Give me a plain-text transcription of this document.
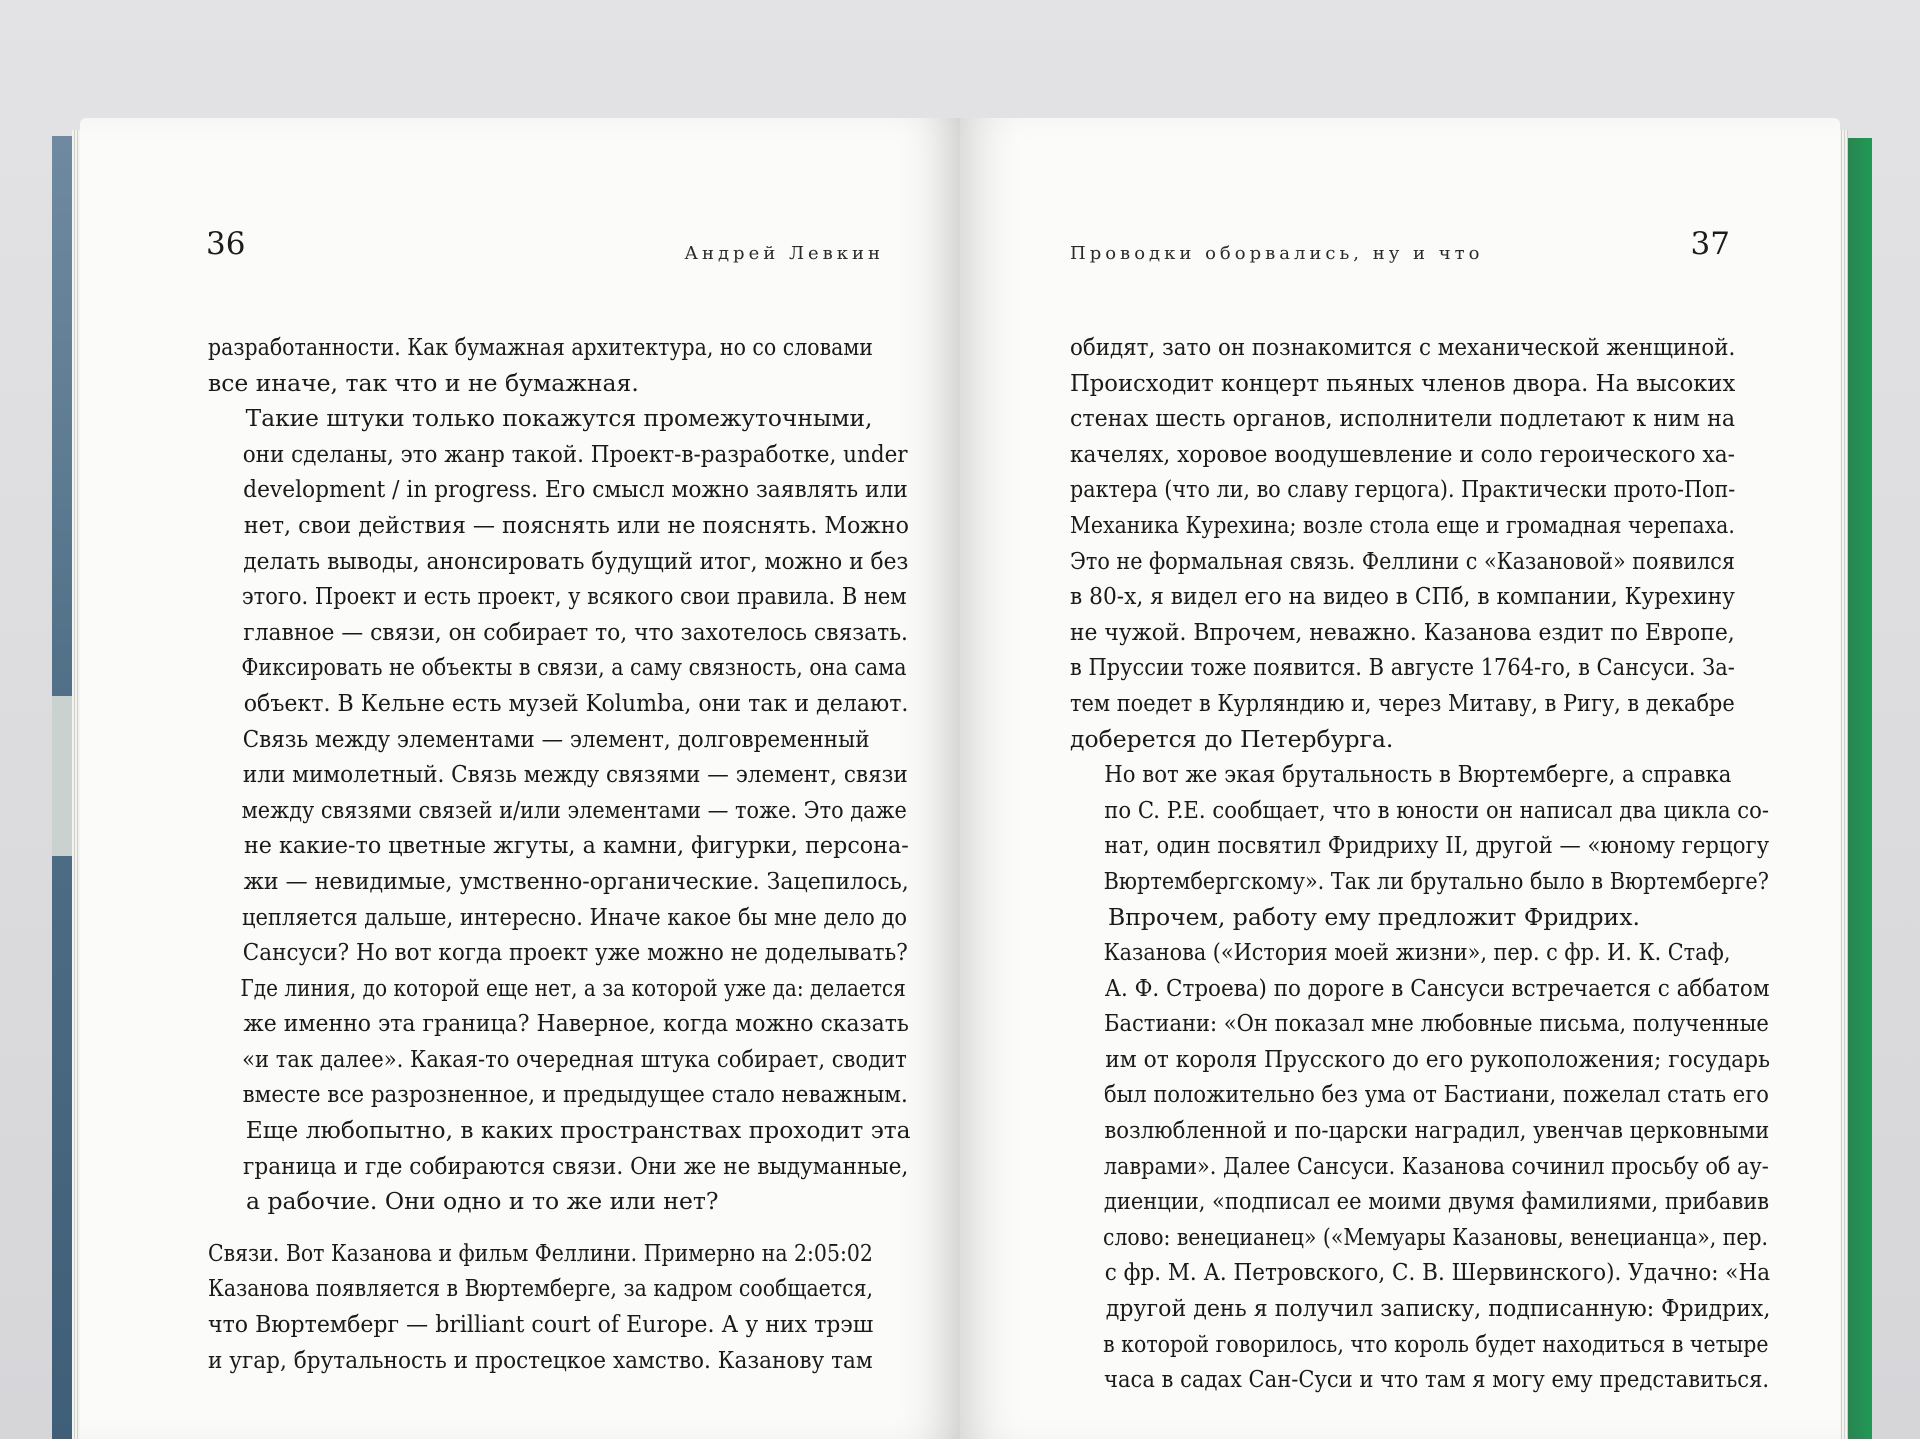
36	Андрей Левкин

разработанности. Как бумажная архитектура, но со словами
все иначе, так что и не бумажная.

Такие штуки только покажутся промежуточными,
они сделаны, это жанр такой. Проект-в-разработке, under
development / in progress. Его смысл можно заявлять или
нет, свои действия — пояснять или не пояснять. Можно
делать выводы, анонсировать будущий итог, можно и без
этого. Проект и есть проект, у всякого свои правила. В нем
главное — связи, он собирает то, что захотелось связать.
Фиксировать не объекты в связи, а саму связность, она сама
объект. В Кельне есть музей Kolumba, они так и делают.

Связь между элементами — элемент, долговременный
или мимолетный. Связь между связями — элемент, связи
между связями связей и/или элементами — тоже. Это даже
не какие-то цветные жгуты, а камни, фигурки, персона-
жи — невидимые, умственно-органические. Зацепилось,
цепляется дальше, интересно. Иначе какое бы мне дело до
Сансуси? Но вот когда проект уже можно не доделывать?
Где линия, до которой еще нет, а за которой уже да: делается
же именно эта граница? Наверное, когда можно сказать
«и так далее». Какая-то очередная штука собирает, сводит
вместе все разрозненное, и предыдущее стало неважным.
Еще любопытно, в каких пространствах проходит эта
граница и где собираются связи. Они же не выдуманные,
а рабочие. Они одно и то же или нет?

Связи. Вот Казанова и фильм Феллини. Примерно на 2:05:02
Казанова появляется в Вюртемберге, за кадром сообщается,
что Вюртемберг — brilliant court of Europe. А у них трэш
и угар, брутальность и простецкое хамство. Казанову там

37
Проводки оборвались, ну и что

обидят, зато он познакомится с механической женщиной.
Происходит концерт пьяных членов двора. На высоких
стенах шесть органов, исполнители подлетают к ним на
качелях, хоровое воодушевление и соло героического ха-
рактера (что ли, во славу герцога). Практически прото-Поп-
Механика Курехина; возле стола еще и громадная черепаха.
Это не формальная связь. Феллини с «Казановой» появился
в 80-х, я видел его на видео в СПб, в компании, Курехину
не чужой. Впрочем, неважно. Казанова ездит по Европе,
в Пруссии тоже появится. В августе 1764-го, в Сансуси. За-
тем поедет в Курляндию и, через Митаву, в Ригу, в декабре
доберется до Петербурга.

Но вот же экая брутальность в Вюртемберге, а справка
по C. P.E. сообщает, что в юности он написал два цикла со-
нат, один посвятил Фридриху II, другой — «юному герцогу
Вюртембергскому». Так ли брутально было в Вюртемберге?
Впрочем, работу ему предложит Фридрих.

Казанова («История моей жизни», пер. с фр. И. К. Стаф,
А. Ф. Строева) по дороге в Сансуси встречается с аббатом
Бастиани: «Он показал мне любовные письма, полученные
им от короля Прусского до его рукоположения; государь
был положительно без ума от Бастиани, пожелал стать его
возлюбленной и по-царски наградил, увенчав церковными
лаврами». Далее Сансуси. Казанова сочинил просьбу об ау-
диенции, «подписал ее моими двумя фамилиями, прибавив
слово: венецианец» («Мемуары Казановы, венецианца», пер.
с фр. М. А. Петровского, С. В. Шервинского). Удачно: «На
другой день я получил записку, подписанную: Фридрих,
в которой говорилось, что король будет находиться в четыре
часа в садах Сан-Суси и что там я могу ему представиться.
